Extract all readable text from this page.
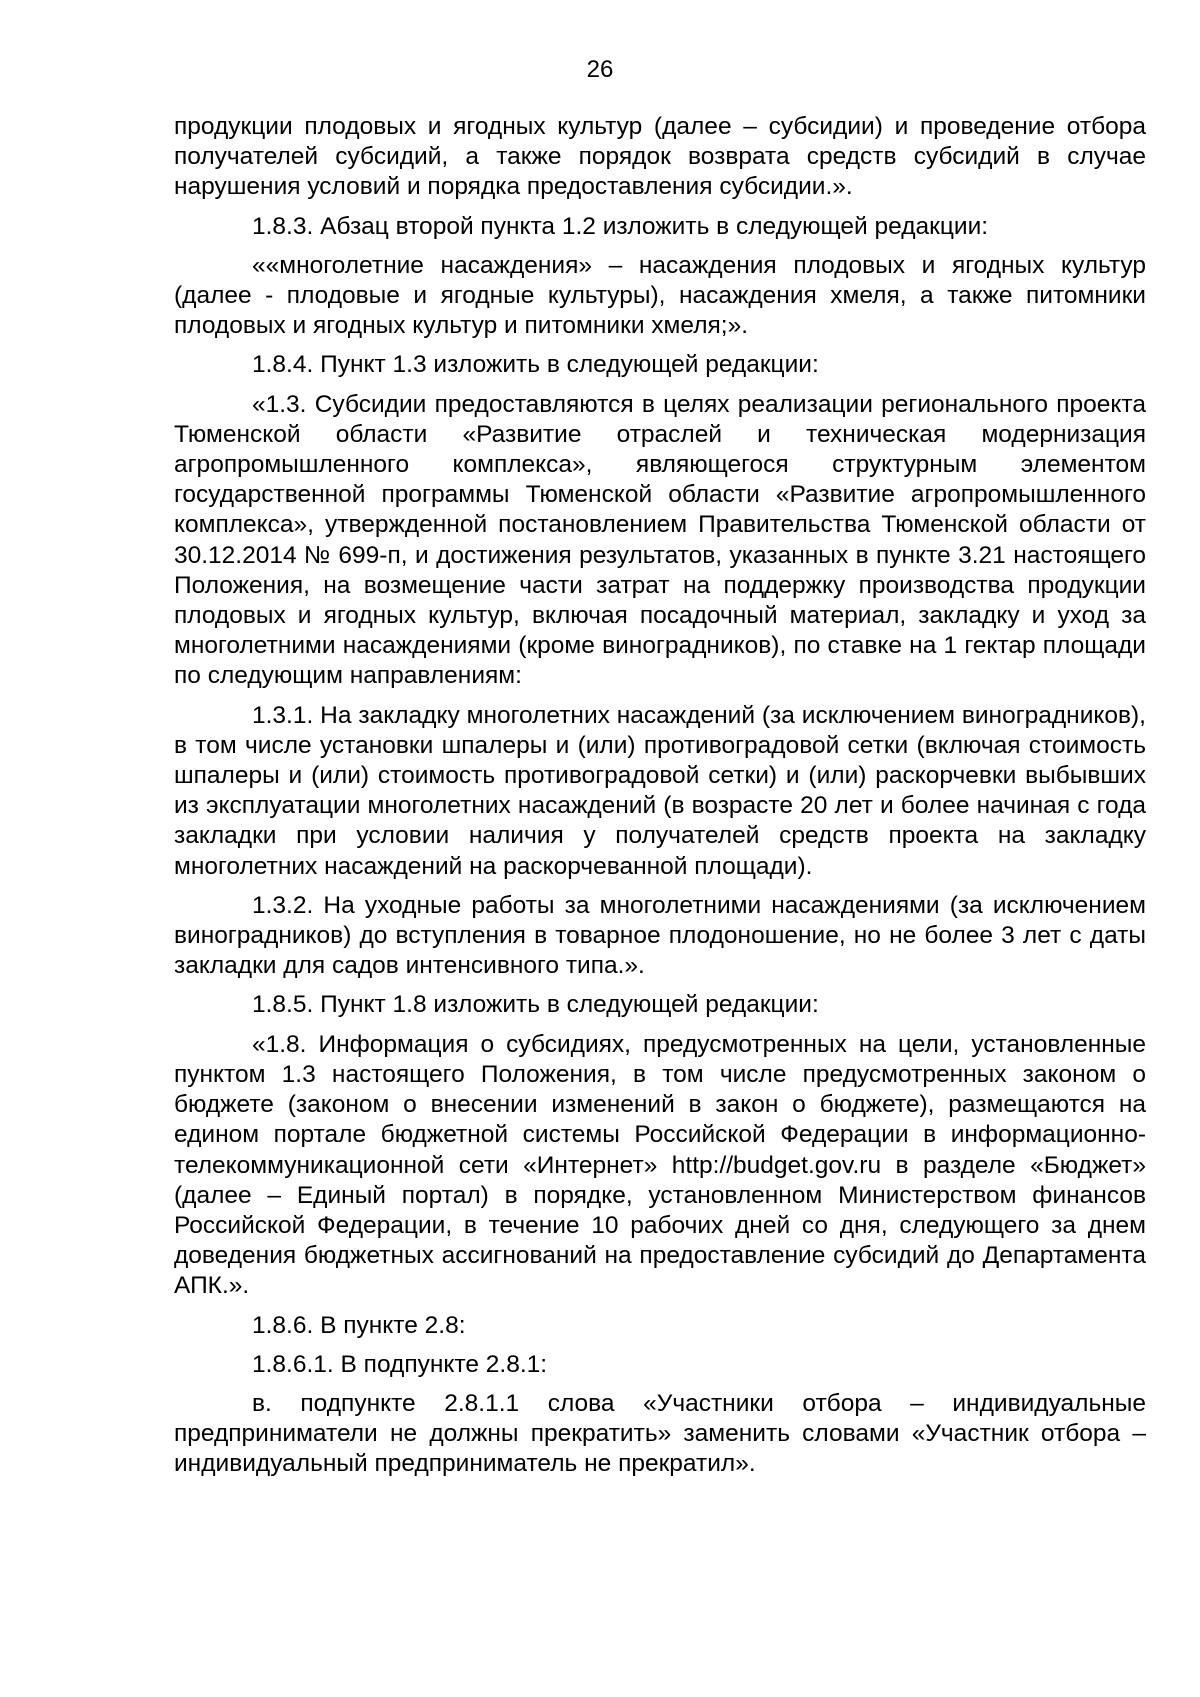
26

продукции плодовых и ягодных культур (далее – субсидии) и проведение отбора получателей субсидий, а также порядок возврата средств субсидий в случае нарушения условий и порядка предоставления субсидии.».

1.8.3. Абзац второй пункта 1.2 изложить в следующей редакции:

««многолетние насаждения» – насаждения плодовых и ягодных культур (далее - плодовые и ягодные культуры), насаждения хмеля, а также питомники плодовых и ягодных культур и питомники хмеля;».

1.8.4. Пункт 1.3 изложить в следующей редакции:

«1.3. Субсидии предоставляются в целях реализации регионального проекта Тюменской области «Развитие отраслей и техническая модернизация агропромышленного комплекса», являющегося структурным элементом государственной программы Тюменской области «Развитие агропромышленного комплекса», утвержденной постановлением Правительства Тюменской области от 30.12.2014 № 699-п, и достижения результатов, указанных в пункте 3.21 настоящего Положения, на возмещение части затрат на поддержку производства продукции плодовых и ягодных культур, включая посадочный материал, закладку и уход за многолетними насаждениями (кроме виноградников), по ставке на 1 гектар площади по следующим направлениям:

1.3.1. На закладку многолетних насаждений (за исключением виноградников), в том числе установки шпалеры и (или) противоградовой сетки (включая стоимость шпалеры и (или) стоимость противоградовой сетки) и (или) раскорчевки выбывших из эксплуатации многолетних насаждений (в возрасте 20 лет и более начиная с года закладки при условии наличия у получателей средств проекта на закладку многолетних насаждений на раскорчеванной площади).

1.3.2. На уходные работы за многолетними насаждениями (за исключением виноградников) до вступления в товарное плодоношение, но не более 3 лет с даты закладки для садов интенсивного типа.».

1.8.5. Пункт 1.8 изложить в следующей редакции:

«1.8. Информация о субсидиях, предусмотренных на цели, установленные пунктом 1.3 настоящего Положения, в том числе предусмотренных законом о бюджете (законом о внесении изменений в закон о бюджете), размещаются на едином портале бюджетной системы Российской Федерации в информационно-телекоммуникационной сети «Интернет» http://budget.gov.ru в разделе «Бюджет» (далее – Единый портал) в порядке, установленном Министерством финансов Российской Федерации, в течение 10 рабочих дней со дня, следующего за днем доведения бюджетных ассигнований на предоставление субсидий до Департамента АПК.».

1.8.6. В пункте 2.8:

1.8.6.1. В подпункте 2.8.1:

в. подпункте 2.8.1.1 слова «Участники отбора – индивидуальные предприниматели не должны прекратить» заменить словами «Участник отбора – индивидуальный предприниматель не прекратил».
